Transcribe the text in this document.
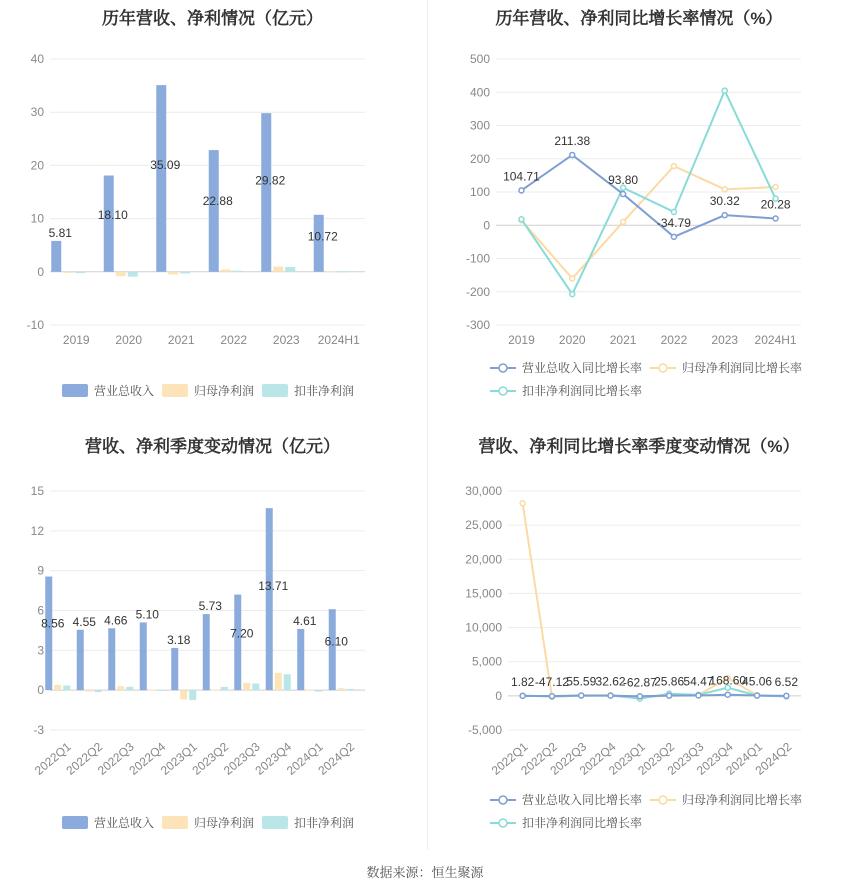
历年营收、净利情况（亿元）
40
30
20
10
0
-10
2019 2020 2021 2022 2023 2024H1
5.81
18.10
35.09
22.88
29.82
10.72
营业总收入	归母净利润	扣非净利润
历年营收、净利同比增长率情况（%）
500
400
300
200
100
0
-100
-200
-300
2019 2020 2021 2022 2023 2024H1
104.71
211.38
93.80
-34.79
30.32 20.28
营业总收入同比增长率	归母净利润同比增长率
扣非净利润同比增长率
营收、净利季度变动情况（亿元）
15
12
9
6
3
0
-3
2022Q1
2022Q2
2022Q3
2022Q4
2023Q1
2023Q2
2023Q3
2023Q4
2024Q1
2024Q2
8.56 4.55 4.66 5.10
3.18
5.73
7.20
13.71
4.61
6.10
营业总收入	归母净利润	扣非净利润
营收、净利同比增长率季度变动情况（%）
30,000
25,000
20,000
15,000
10,000
5,000
0
-5,000
2022Q1
2022Q2
2022Q3
2022Q4
2023Q1
2023Q2
2023Q3
2023Q4
2024Q1
2024Q2
1.82 -47.12
55.59 32.62
-62.87
25.86 54.47
168.60
45.06 6.52
营业总收入同比增长率	归母净利润同比增长率
扣非净利润同比增长率
数据来源：恒生聚源
